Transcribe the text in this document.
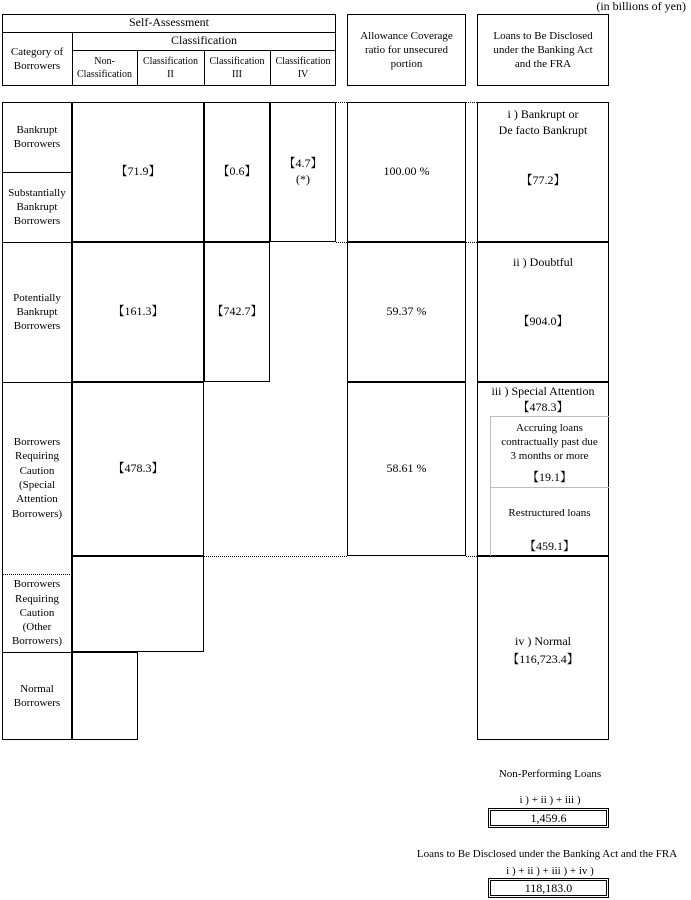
(in billions of yen)
Self-Assessment
Category of
Borrowers
Classification
Non-
Classification
Classification
II
Classification
III
Classification
IV
Allowance Coverage
ratio for unsecured
portion
Loans to Be Disclosed
under the Banking Act
and the FRA
Bankrupt
Borrowers
Substantially
Bankrupt
Borrowers
Potentially
Bankrupt
Borrowers
Borrowers
Requiring
Caution
(Special
Attention
Borrowers)
Borrowers
Requiring
Caution
(Other
Borrowers)
Normal
Borrowers
【71.9】	【0.6】
【4.7】
(*)
【161.3】	【742.7】
【478.3】
100.00 %
59.37 %
58.61 %
i ) Bankrupt or
De facto Bankrupt
【77.2】
ii ) Doubtful
【904.0】
iii ) Special Attention
【478.3】
Accruing loans
contractually past due
3 months or more
【19.1】
Restructured loans
【459.1】
iv ) Normal
【116,723.4】
Non-Performing Loans
i ) + ii ) + iii )
1,459.6
Loans to Be Disclosed under the Banking Act and the FRA
i ) + ii ) + iii ) + iv )
118,183.0
